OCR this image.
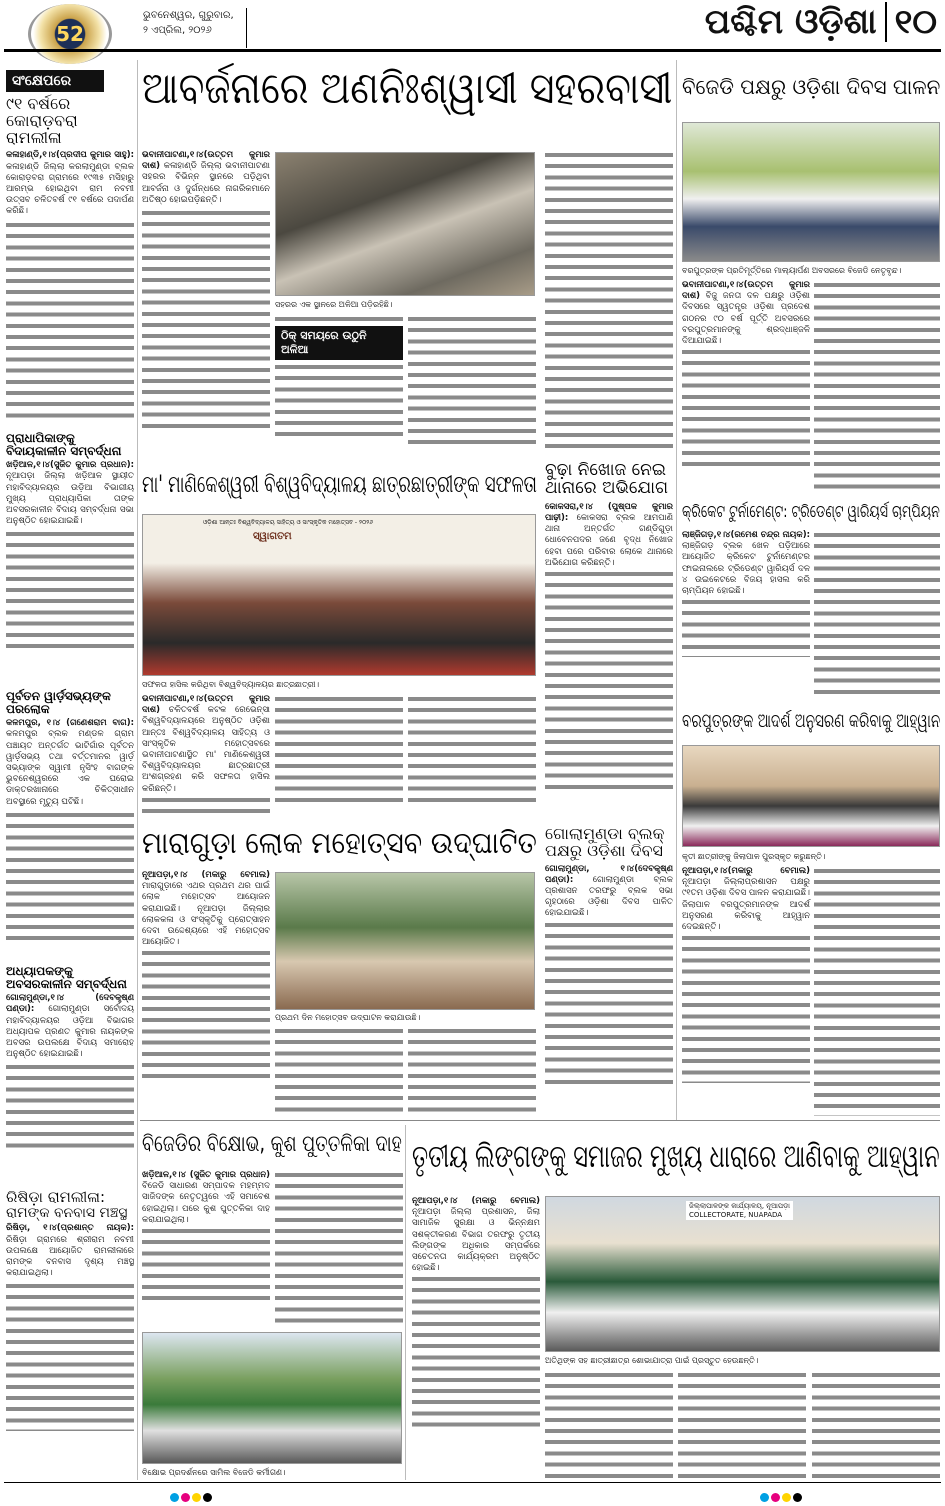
52
ଭୁବନେଶ୍ୱର, ଗୁରୁବାର,
୨ ଏପ୍ରିଲ, ୨୦୨୬	ପଶ୍ଚିମ ଓଡ଼ିଶା ୧୦
ସଂକ୍ଷେପରେ
୯୧ ବର୍ଷରେ କୋରାଡ଼ବରା ରାମଲୀଳା
କଳାହାଣ୍ଡି,୧।୪(ପ୍ରଦୀପ କୁମାର ସାହୁ): କଳାହାଣ୍ଡି ଜିଲ୍ଲା କରଲାମୁଣ୍ଡା ବ୍ଲକ କୋରାଡ଼ବରା ଗ୍ରାମରେ ୧୯୩୫ ମସିହାରୁ ଆରମ୍ଭ ହୋଇଥିବା ରାମ ନବମୀ ଉତ୍ସବ ଚଳିତବର୍ଷ ୯୧ ବର୍ଷରେ ପଦାର୍ପଣ କରିଛି।
ପ୍ରାଧାପିକାଙ୍କୁ ବିଦାୟକାଳୀନ ସମ୍ବର୍ଦ୍ଧନା
ଖଡ଼ିଆଳ,୧।୪(ସୁଜିତ କୁମାର ପ୍ରଧାନ): ନୂଆପଡ଼ା ଜିଲ୍ଲା ଖଡ଼ିଆଳ ସ୍ଥାୟୀତ ମହାବିଦ୍ୟାଳୟର ଉଡ଼ିଆ ବିଭାଗୀୟ ମୁଖ୍ୟ ପ୍ରାଧ୍ୟାପିକା ତାଙ୍କ ଅବସରକାଳୀନ ବିଦାୟ ସମ୍ବର୍ଦ୍ଧନା ସଭା ଅନୁଷ୍ଠିତ ହୋଇଯାଇଛି।
ପୂର୍ବତନ ୱାର୍ଡ଼ସଭ୍ୟଙ୍କ ପରଲୋକ
କଳମପୁର, ୧।୪ (ଗଣେଶରାମ ବାଗ): କଳମପୁର ବ୍ଲକ ମଣ୍ଡଳ ଗ୍ରାମ ପଞ୍ଚାୟତ ଅନ୍ତର୍ଗତ ଭାଟିଗାଁର ପୂର୍ବତନ ୱାର୍ଡ଼ସଭ୍ୟ ତଥା ବର୍ତ୍ତମାନର ୱାର୍ଡ଼ ସଭ୍ୟାଙ୍କ ସ୍ୱାମୀ ନୃସିଂହ ବାଗଙ୍କ ଭୁବନେଶ୍ୱରରେ ଏକ ଘରୋଇ ଡାକ୍ତରଖାନାରେ ଚିକିତ୍ସାଧୀନ ଅବସ୍ଥାରେ ମୃତ୍ୟୁ ଘଟିଛି।
ଅଧ୍ୟାପକଙ୍କୁ ଅବସରକାଳୀନ ସମ୍ବର୍ଦ୍ଧନା
ଗୋଲାମୁଣ୍ଡା,୧।୪ (ଦେବକୃଷ୍ଣ ପଣ୍ଡା): ଗୋଲାମୁଣ୍ଡା ସର୍ବୋଦୟ ମହାବିଦ୍ୟାଳୟର ଓଡ଼ିଆ ବିଭାଗର ଅଧ୍ୟାପକ ପ୍ରଣତ କୁମାର ନାୟକଙ୍କ ଅବସର ଉପଲକ୍ଷେ ବିଦାୟ ସମାରୋହ ଅନୁଷ୍ଠିତ ହୋଇଯାଇଛି।
ରିଷିଡ଼ା ରାମଲୀଳା:
ରାମଙ୍କ ବନବାସ ମଞ୍ଚସ୍ଥ
ରିଷିଡ଼ା, ୧।୪(ପ୍ରଶାନ୍ତ ନାୟକ): ରିଷିଡ଼ା ଗ୍ରାମରେ ଶ୍ରୀରାମ ନବମୀ ଉପଲକ୍ଷେ ଆୟୋଜିତ ରାମଲୀଳାରେ ରାମଙ୍କ ବନବାସ ଦୃଶ୍ୟ ମଞ୍ଚସ୍ଥ କରାଯାଇଥିଲା।
ଆବର୍ଜନାରେ ଅଣନିଃଶ୍ୱାସୀ ସହରବାସୀ
ଭବାନୀପାଟଣା,୧।୪(ଉତ୍ତମ କୁମାର ଦାଶ) କଳାହାଣ୍ଡି ଜିଲ୍ଲା ଭବାନୀପାଟଣା ସହରର ବିଭିନ୍ନ ସ୍ଥାନରେ ପଡ଼ିଥିବା ଆବର୍ଜନା ଓ ଦୁର୍ଗନ୍ଧରେ ନାଗରିକମାନେ ଅତିଷ୍ଠ ହୋଇପଡ଼ିଛନ୍ତି।
ସହରର ଏକ ସ୍ଥାନରେ ଅଳିଆ ପଡ଼ିରହିଛି।
ଠିକ୍ ସମୟରେ ଉଠୁନି ଅଳିଆ
ମା' ମାଣିକେଶ୍ୱରୀ ବିଶ୍ୱବିଦ୍ୟାଳୟ ଛାତ୍ରଛାତ୍ରୀଙ୍କ ସଫଳତା
ଓଡ଼ିଶା ଆନ୍ତଃ ବିଶ୍ୱବିଦ୍ୟାଳୟ ସାହିତ୍ୟ ଓ ସାଂସ୍କୃତିକ ମହୋତ୍ସବ - ୨୦୨୬
ସ୍ୱାଗତମ
ସଫଳତା ହାସିଲ କରିଥିବା ବିଶ୍ୱବିଦ୍ୟାଳୟର ଛାତ୍ରଛାତ୍ରୀ।
ଭବାନୀପାଟଣା,୧।୪(ଉତ୍ତମ କୁମାର ଦାଶ) ଚଳିତବର୍ଷ କଟକ ରେଭେନ୍ସା ବିଶ୍ୱବିଦ୍ୟାଳୟରେ ଅନୁଷ୍ଠିତ ଓଡ଼ିଶା ଆନ୍ତଃ ବିଶ୍ୱବିଦ୍ୟାଳୟ ସାହିତ୍ୟ ଓ ସାଂସ୍କୃତିକ ମହୋତ୍ସବରେ ଭବାନୀପାଟଣାସ୍ଥିତ ମା' ମାଣିକେଶ୍ୱରୀ ବିଶ୍ୱବିଦ୍ୟାଳୟର ଛାତ୍ରଛାତ୍ରୀ ଅଂଶଗ୍ରହଣ କରି ସଫଳତା ହାସିଲ କରିଛନ୍ତି।
ବୁଢ଼ା ନିଖୋଜ ନେଇ ଥାନାରେ ଅଭିଯୋଗ
କୋକସରା,୧।୪ (ପୁଷ୍ପକ କୁମାର ପାଢ଼ୀ): କୋକସରା ବ୍ଲକ ଆମପାଣି ଥାନା ଅନ୍ତର୍ଗତ ଗଣ୍ଡିଗୁଡ଼ା ଧୋବେନପଦର ଜଣେ ବୃଦ୍ଧ ନିଖୋଜ ହେବା ପରେ ପରିବାର ଲୋକେ ଥାନାରେ ଅଭିଯୋଗ କରିଛନ୍ତି।
ମାରାଗୁଡ଼ା ଲୋକ ମହୋତ୍ସବ ଉଦ୍‌ଘାଟିତ
ନୂଆପଡ଼ା,୧।୪ (ମକାରୁ ବେମାଲ) ମାରାଗୁଡ଼ାରେ ଏଥର ପ୍ରଥମ ଥର ପାଇଁ ଲୋକ ମହୋତ୍ସବ ଆୟୋଜନ କରାଯାଇଛି। ନୂଆପଡ଼ା ଜିଲ୍ଲାର ଲୋକକଳା ଓ ସଂସ୍କୃତିକୁ ପ୍ରୋତ୍ସାହନ ଦେବା ଉଦ୍ଦେଶ୍ୟରେ ଏହି ମହୋତ୍ସବ ଆୟୋଜିତ।
ପ୍ରଥମ ଦିନ ମହୋତ୍ସବ ଉଦ୍‌ଘାଟନ କରାଯାଉଛି।
ଗୋଲାମୁଣ୍ଡା ବ୍ଲକ୍ ପକ୍ଷରୁ ଓଡ଼ିଶା ଦିବସ
ଗୋଲାମୁଣ୍ଡା, ୧।୪(ଦେବକୃଷ୍ଣ ପଣ୍ଡା): ଗୋଲାମୁଣ୍ଡା ବ୍ଲକ ପ୍ରଶାସନ ତରଫରୁ ବ୍ଲକ ସଭା ଗୃହଠାରେ ଓଡ଼ିଶା ଦିବସ ପାଳିତ ହୋଇଯାଇଛି।
ବିଜେଡି ପକ୍ଷରୁ ଓଡ଼ିଶା ଦିବସ ପାଳନ
ବରପୁତ୍ରଙ୍କ ପ୍ରତିମୂର୍ତ୍ତିରେ ମାଲ୍ୟାର୍ପଣ ଅବସରରେ ବିଜେଡି ନେତୃବୃନ୍ଦ।
ଭବାନୀପାଟଣା,୧।୪(ଉତ୍ତମ କୁମାର ଦାଶ) ବିଜୁ ଜନତା ଦଳ ପକ୍ଷରୁ ଓଡ଼ିଶା ଦିବସରେ ସ୍ୱତନ୍ତ୍ର ଓଡ଼ିଶା ପ୍ରଦେଶ ଗଠନର ୯୦ ବର୍ଷ ପୂର୍ତ୍ତି ଅବସରରେ ବରପୁତ୍ରମାନଙ୍କୁ ଶ୍ରଦ୍ଧାଞ୍ଜଳି ଦିଆଯାଇଛି।
କ୍ରିକେଟ ଟୁର୍ନାମେଣ୍ଟ: ଟ୍ରିଡେଣ୍ଟ ୱାରିୟର୍ସ ଚାମ୍ପିୟନ
ଲାଞ୍ଜିଗଡ଼,୧।୪(ରମେଶ ଚନ୍ଦ୍ର ନାୟକ): ଲାଞ୍ଜିଗଡ଼ ବ୍ଲକ ଖେଳ ପଡ଼ିଆରେ ଆୟୋଜିତ କ୍ରିକେଟ ଟୁର୍ନାମେଣ୍ଟର ଫାଇନାଲରେ ଟ୍ରିଡେଣ୍ଟ ୱାରିୟର୍ସ ଦଳ ୪ ଉଇକେଟରେ ବିଜୟ ହାସଲ କରି ଚାମ୍ପିୟନ ହୋଇଛି।
ବରପୁତ୍ରଙ୍କ ଆଦର୍ଶ ଅନୁସରଣ କରିବାକୁ ଆହ୍ୱାନ
କୃତୀ ଛାତ୍ରୀଙ୍କୁ ଜିଲାପାଳ ପୁରସ୍କୃତ କରୁଛନ୍ତି।
ନୂଆପଡ଼ା,୧।୪(ମକାରୁ ବେମାଲ) ନୂଆପଡ଼ା ଜିଲ୍ଲାପ୍ରଶାସନ ପକ୍ଷରୁ ୯୧ତମ ଓଡ଼ିଶା ଦିବସ ପାଳନ କରାଯାଇଛି। ଜିଲାପାଳ ବରପୁତ୍ରମାନଙ୍କ ଆଦର୍ଶ ଅନୁସରଣ କରିବାକୁ ଆହ୍ୱାନ ଦେଇଛନ୍ତି।
ବିଜେଡିର ବିକ୍ଷୋଭ, କୁଶ ପୁତ୍ତଳିକା ଦାହ
ଖଡ଼ିଆଳ,୧।୪ (ସୁଜିତ କୁମାର ପ୍ରଧାନ) ବିଜେଡି ସାଧାରଣ ସମ୍ପାଦକ ମହମ୍ମଦ ସାଜିଦଙ୍କ ନେତୃତ୍ୱରେ ଏହି ସମାବେଶ ହୋଇଥିଲା। ପରେ କୁଶ ପୁତ୍ତଳିକା ଦାହ କରାଯାଇଥିଲା।
ବିକ୍ଷୋଭ ପ୍ରଦର୍ଶନରେ ସାମିଲ ବିଜେଡି କର୍ମୀଗଣ।
ତୃତୀୟ ଲିଙ୍ଗଙ୍କୁ ସମାଜର ମୁଖ୍ୟ ଧାରାରେ ଆଣିବାକୁ ଆହ୍ୱାନ
ନୂଆପଡ଼ା,୧।୪ (ମକାରୁ ବେମାଲ) ନୂଆପଡ଼ା ଜିଲ୍ଲା ପ୍ରଶାସନ, ଜିଲା ସାମାଜିକ ସୁରକ୍ଷା ଓ ଭିନ୍ନକ୍ଷମ ସଶକ୍ତୀକରଣ ବିଭାଗ ତରଫରୁ ତୃତୀୟ ଲିଙ୍ଗଙ୍କ ଅଧିକାର ସମ୍ପର୍କରେ ସଚେତନତା କାର୍ଯ୍ୟକ୍ରମ ଅନୁଷ୍ଠିତ ହୋଇଛି।
ଜିଲ୍ଲାପାଳଙ୍କ କାର୍ଯ୍ୟାଳୟ, ନୂଆପଡ଼ା
COLLECTORATE, NUAPADA
ଅତିଥିଙ୍କ ସହ ଛାତ୍ରୀଛାତ୍ର ଶୋଭାଯାତ୍ରା ପାଇଁ ପ୍ରସ୍ତୁତ ହେଉଛନ୍ତି।
